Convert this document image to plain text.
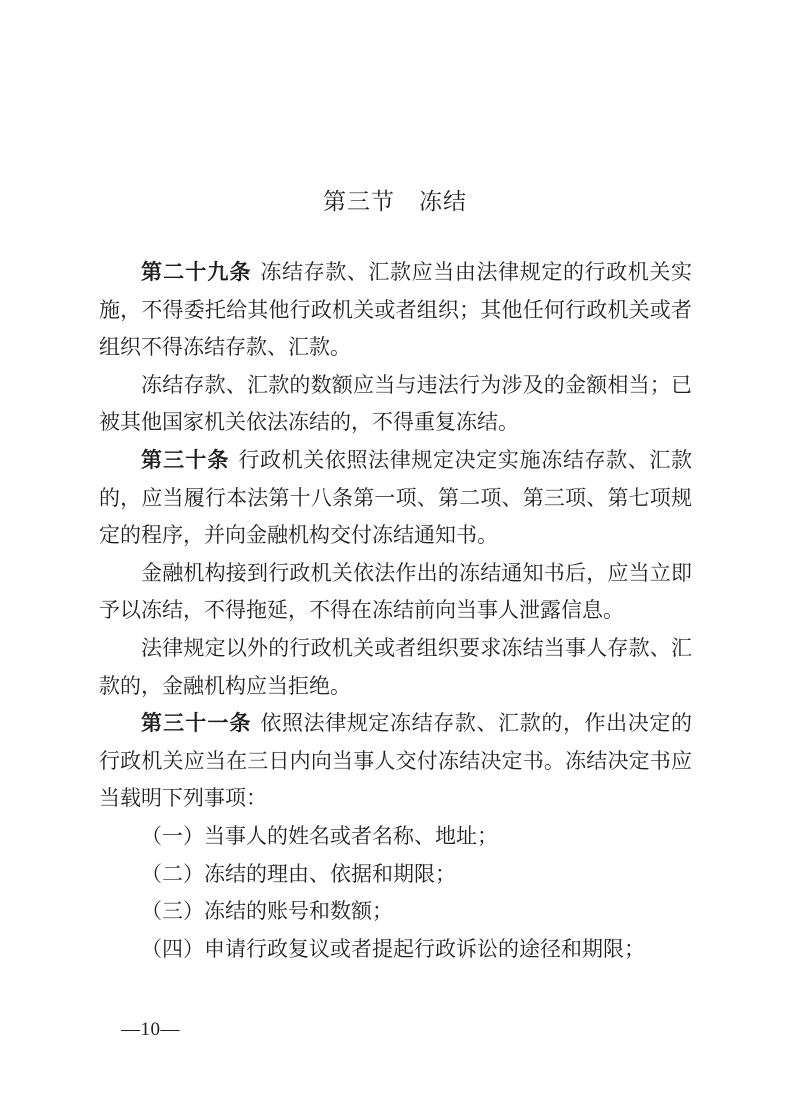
第三节　冻结

第二十九条 冻结存款、汇款应当由法律规定的行政机关实施，不得委托给其他行政机关或者组织；其他任何行政机关或者组织不得冻结存款、汇款。

冻结存款、汇款的数额应当与违法行为涉及的金额相当；已被其他国家机关依法冻结的，不得重复冻结。

第三十条 行政机关依照法律规定决定实施冻结存款、汇款的，应当履行本法第十八条第一项、第二项、第三项、第七项规定的程序，并向金融机构交付冻结通知书。

金融机构接到行政机关依法作出的冻结通知书后，应当立即予以冻结，不得拖延，不得在冻结前向当事人泄露信息。

法律规定以外的行政机关或者组织要求冻结当事人存款、汇款的，金融机构应当拒绝。

第三十一条 依照法律规定冻结存款、汇款的，作出决定的行政机关应当在三日内向当事人交付冻结决定书。冻结决定书应当载明下列事项：

（一）当事人的姓名或者名称、地址；

（二）冻结的理由、依据和期限；

（三）冻结的账号和数额；

（四）申请行政复议或者提起行政诉讼的途径和期限；

—10—
